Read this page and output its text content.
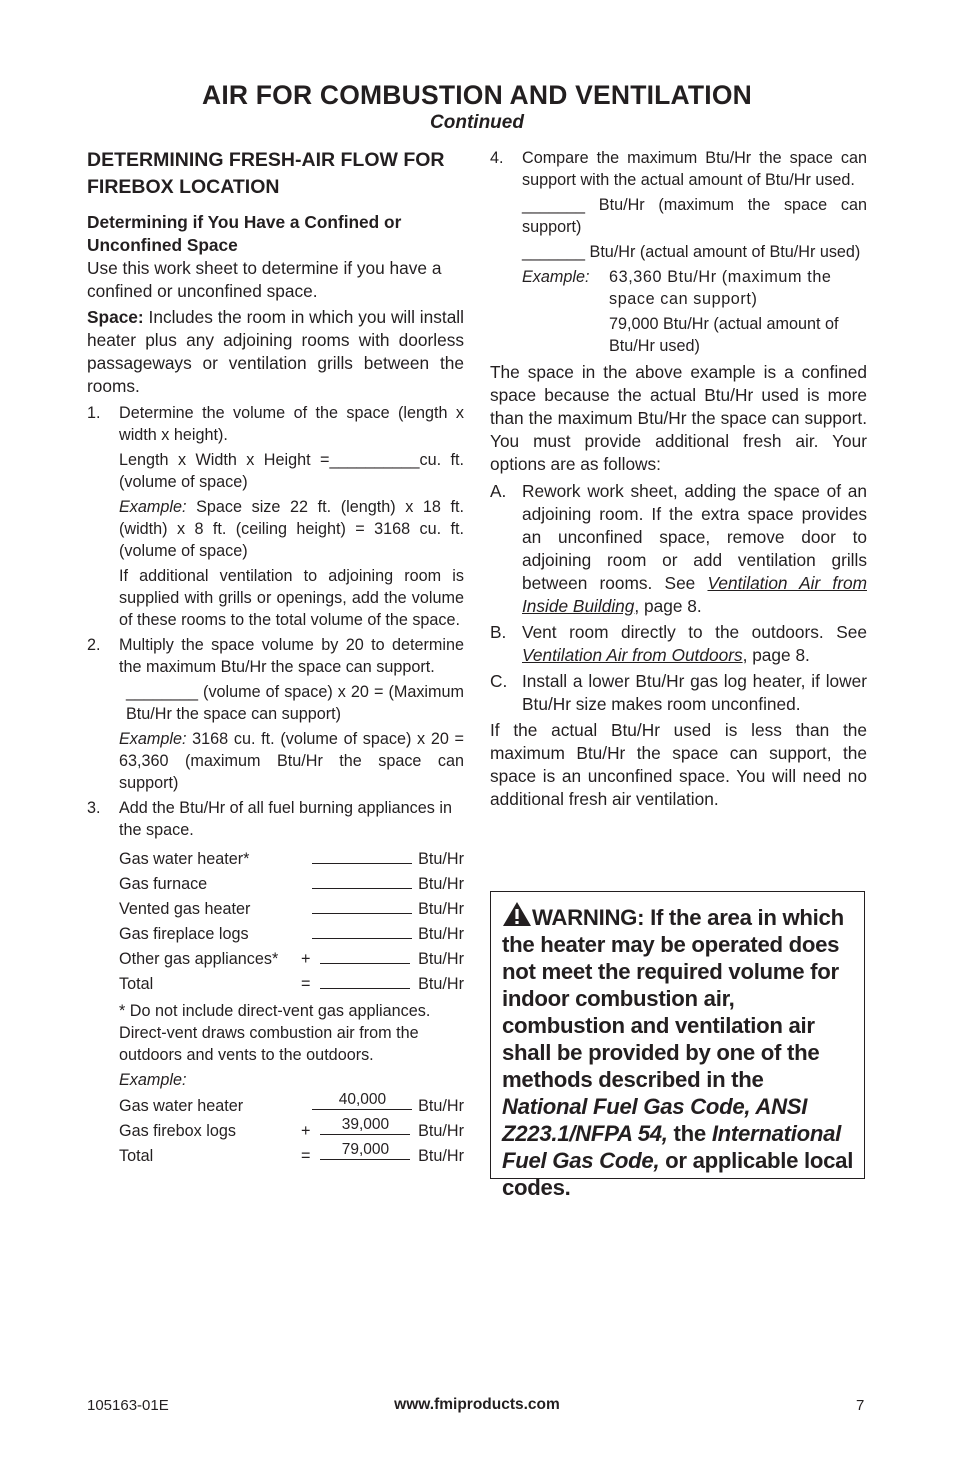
AIR FOR COMBUSTION AND VENTILATION
Continued
DETERMINING FRESH-AIR FLOW FOR FIREBOX LOCATION
Determining if You Have a Confined or Unconfined Space

Use this work sheet to determine if you have a confined or unconfined space.

Space: Includes the room in which you will install heater plus any adjoining rooms with doorless passageways or ventilation grills between the rooms.

1. Determine the volume of the space (length x width x height).

Length x Width x Height =__________cu. ft. (volume of space)

Example: Space size 22 ft. (length) x 18 ft. (width) x 8 ft. (ceiling height) = 3168 cu. ft. (volume of space)

If additional ventilation to adjoining room is supplied with grills or openings, add the volume of these rooms to the total volume of the space.

2. Multiply the space volume by 20 to determine the maximum Btu/Hr the space can support.

________ (volume of space) x 20 = (Maximum Btu/Hr the space can support)

Example: 3168 cu. ft. (volume of space) x 20 = 63,360 (maximum Btu/Hr the space can support)

3. Add the Btu/Hr of all fuel burning appliances in the space.

Gas water heater*			Btu/Hr
Gas furnace			Btu/Hr
Vented gas heater			Btu/Hr
Gas fireplace logs			Btu/Hr
Other gas appliances*	+		Btu/Hr
Total	=		Btu/Hr

* Do not include direct-vent gas appliances. Direct-vent draws combustion air from the outdoors and vents to the outdoors.

Example:

Gas water heater		40,000	Btu/Hr
Gas firebox logs	+	39,000	Btu/Hr
Total	=	79,000	Btu/Hr
4. Compare the maximum Btu/Hr the space can support with the actual amount of Btu/Hr used.

_______ Btu/Hr (maximum the space can support)

_______ Btu/Hr (actual amount of Btu/Hr used)

Example:	63,360 Btu/Hr (maximum the space can support)
79,000 Btu/Hr (actual amount of Btu/Hr used)

The space in the above example is a confined space because the actual Btu/Hr used is more than the maximum Btu/Hr the space can support. You must provide additional fresh air. Your options are as follows:

A. Rework work sheet, adding the space of an adjoining room. If the extra space provides an unconfined space, remove door to adjoining room or add ventilation grills between rooms. See Ventilation Air from Inside Building, page 8.
B. Vent room directly to the outdoors. See Ventilation Air from Outdoors, page 8.
C. Install a lower Btu/Hr gas log heater, if lower Btu/Hr size makes room unconfined.

If the actual Btu/Hr used is less than the maximum Btu/Hr the space can support, the space is an unconfined space. You will need no additional fresh air ventilation.

WARNING: If the area in which the heater may be operated does not meet the required volume for indoor combustion air, combustion and ventilation air shall be provided by one of the methods described in the National Fuel Gas Code, ANSI Z223.1/NFPA 54, the International Fuel Gas Code, or applicable local codes.
105163-01E	www.fmiproducts.com	7
